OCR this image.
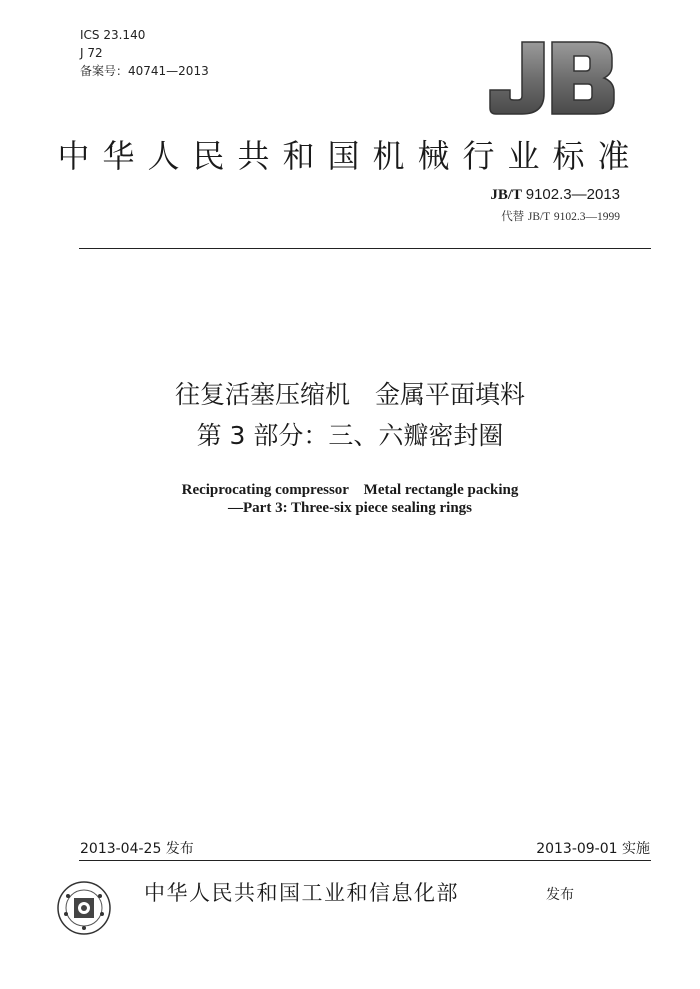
ICS 23.140
J 72
备案号：40741—2013
JB
中华人民共和国机械行业标准
JB/T 9102.3—2013
代替 JB/T 9102.3—1999
往复活塞压缩机　金属平面填料
第 3 部分：三、六瓣密封圈
Reciprocating compressor　Metal rectangle packing
—Part 3: Three-six piece sealing rings
2013-04-25 发布	2013-09-01 实施
中华人民共和国工业和信息化部	发布
